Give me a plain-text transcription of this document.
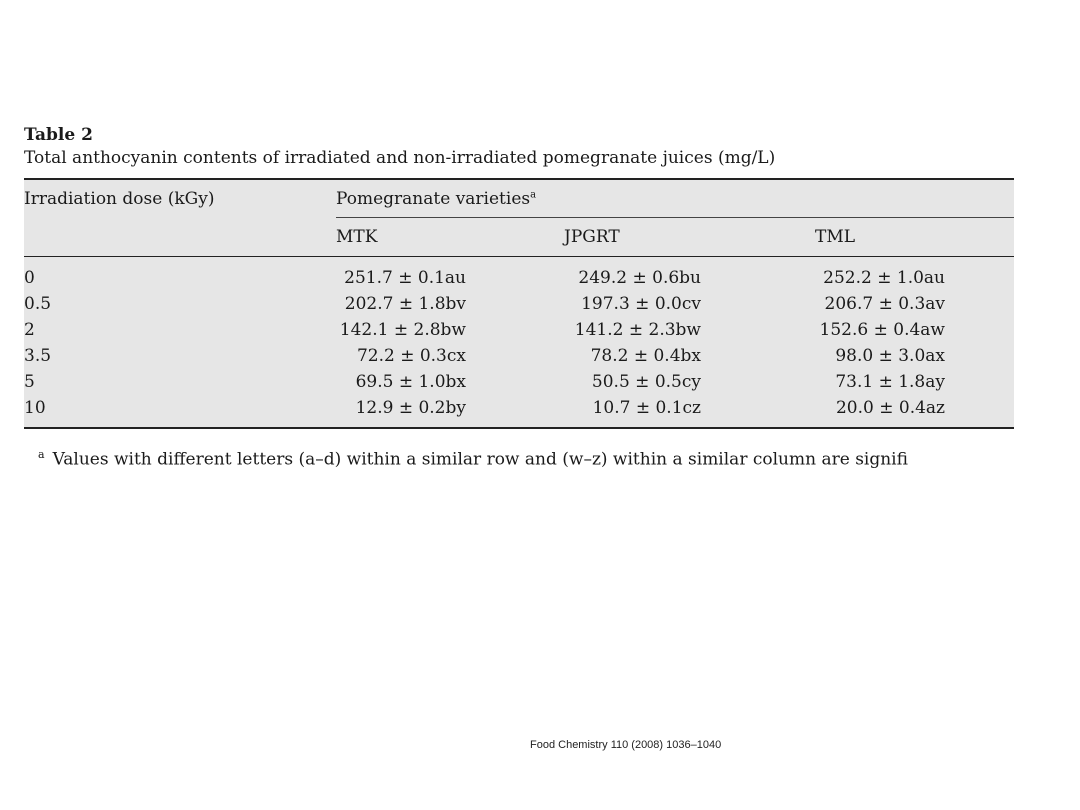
Table 2

Total anthocyanin contents of irradiated and non-irradiated pomegranate juices (mg/L)

Irradiation dose (kGy)	Pomegranate varieties$^a$
MTK	JPGRT	TML
0	251.7 ± 0.1au	249.2 ± 0.6bu	252.2 ± 1.0au
0.5	202.7 ± 1.8bv	197.3 ± 0.0cv	206.7 ± 0.3av
2	142.1 ± 2.8bw	141.2 ± 2.3bw	152.6 ± 0.4aw
3.5	72.2 ± 0.3cx	78.2 ± 0.4bx	98.0 ± 3.0ax
5	69.5 ± 1.0bx	50.5 ± 0.5cy	73.1 ± 1.8ay
10	12.9 ± 0.2by	10.7 ± 0.1cz	20.0 ± 0.4az
$^a$ Values with different letters (a–d) within a similar row and (w–z) within a similar column are signifi
Food Chemistry 110 (2008) 1036–1040
